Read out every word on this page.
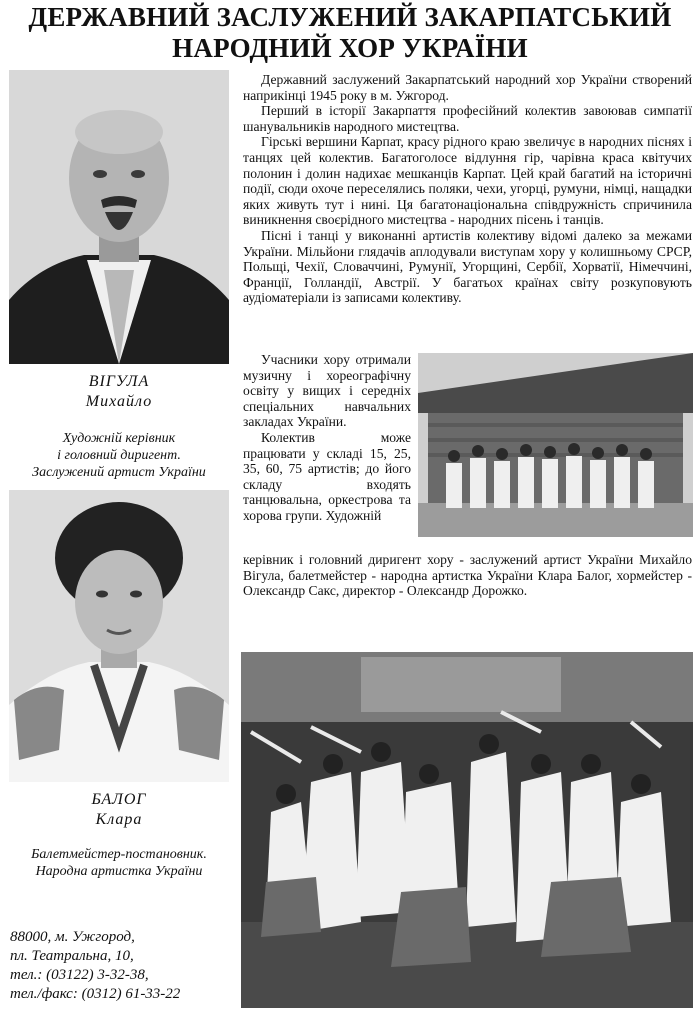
ДЕРЖАВНИЙ ЗАСЛУЖЕНИЙ ЗАКАРПАТСЬКИЙ
НАРОДНИЙ ХОР УКРАЇНИ
ВІГУЛА
Михайло
Художній керівник
і головний диригент.
Заслужений артист України
БАЛОГ
Клара
Балетмейстер-постановник.
Народна артистка України
88000, м. Ужгород,
пл. Театральна, 10,
тел.: (03122) 3-32-38,
тел./факс: (0312) 61-33-22

Державний заслужений Закарпатський народний хор України створений наприкінці 1945 року в м. Ужгород.

Перший в історії Закарпаття професійний колектив завоював симпатії шанувальників народного мистецтва.

Гірські вершини Карпат, красу рідного краю звеличує в народних піснях і танцях цей колектив. Багатоголосе відлуння гір, чарівна краса квітучих полонин і долин надихає мешканців Карпат. Цей край багатий на історичні події, сюди охоче переселялись поляки, чехи, угорці, румуни, німці, нащадки яких живуть тут і нині. Ця багатонаціональна співдружність спричинила виникнення своєрідного мистецтва - народних пісень і танців.

Пісні і танці у виконанні артистів колективу відомі далеко за межами України. Мільйони глядачів аплодували виступам хору у колишньому СРСР, Польщі, Чехії, Словаччині, Румунії, Угорщині, Сербії, Хорватії, Німеччині, Франції, Голландії, Австрії. У багатьох країнах світу розкуповують аудіоматеріали із записами колективу.

Учасники хору отримали музичну і хореографічну освіту у вищих і середніх спеціальних навчальних закладах України.

Колектив може працювати у складі 15, 25, 35, 60, 75 артистів; до його складу входять танцювальна, оркестрова та хорова групи. Художній

керівник і головний диригент хору - заслужений артист України Михайло Вігула, балетмейстер - народна артистка України Клара Балог, хормейстер - Олександр Сакс, директор - Олександр Дорожко.
